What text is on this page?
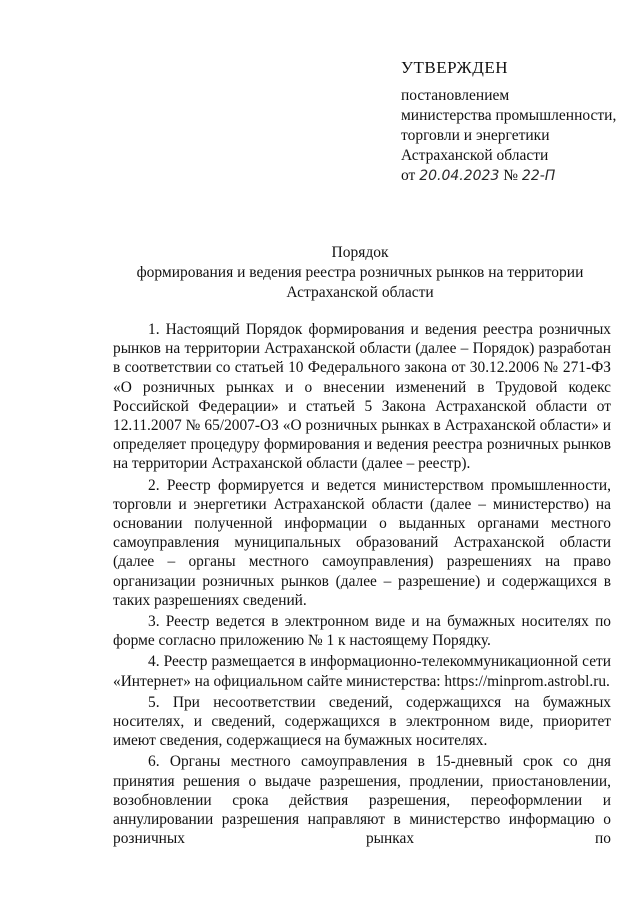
УТВЕРЖДЕН
постановлением
министерства промышленности,
торговли и энергетики
Астраханской области
от 20.04.2023 № 22-П
Порядок
формирования и ведения реестра розничных рынков на территории
Астраханской области

1. Настоящий Порядок формирования и ведения реестра розничных рынков на территории Астраханской области (далее – Порядок) разработан в соответствии со статьей 10 Федерального закона от 30.12.2006 № 271-ФЗ «О розничных рынках и о внесении изменений в Трудовой кодекс Российской Федерации» и статьей 5 Закона Астраханской области от 12.11.2007 № 65/2007-ОЗ «О розничных рынках в Астраханской области» и определяет процедуру формирования и ведения реестра розничных рынков на территории Астраханской области (далее – реестр).

2. Реестр формируется и ведется министерством промышленности, торговли и энергетики Астраханской области (далее – министерство) на основании полученной информации о выданных органами местного самоуправления муниципальных образований Астраханской области (далее – органы местного самоуправления) разрешениях на право организации розничных рынков (далее – разрешение) и содержащихся в таких разрешениях сведений.

3. Реестр ведется в электронном виде и на бумажных носителях по форме согласно приложению № 1 к настоящему Порядку.

4. Реестр размещается в информационно-телекоммуникационной сети «Интернет» на официальном сайте министерства: https://minprom.astrobl.ru.

5. При несоответствии сведений, содержащихся на бумажных носителях, и сведений, содержащихся в электронном виде, приоритет имеют сведения, содержащиеся на бумажных носителях.

6. Органы местного самоуправления в 15-дневный срок со дня принятия решения о выдаче разрешения, продлении, приостановлении, возобновлении срока действия разрешения, переоформлении и аннулировании разрешения направляют в министерство информацию о розничных рынках по
